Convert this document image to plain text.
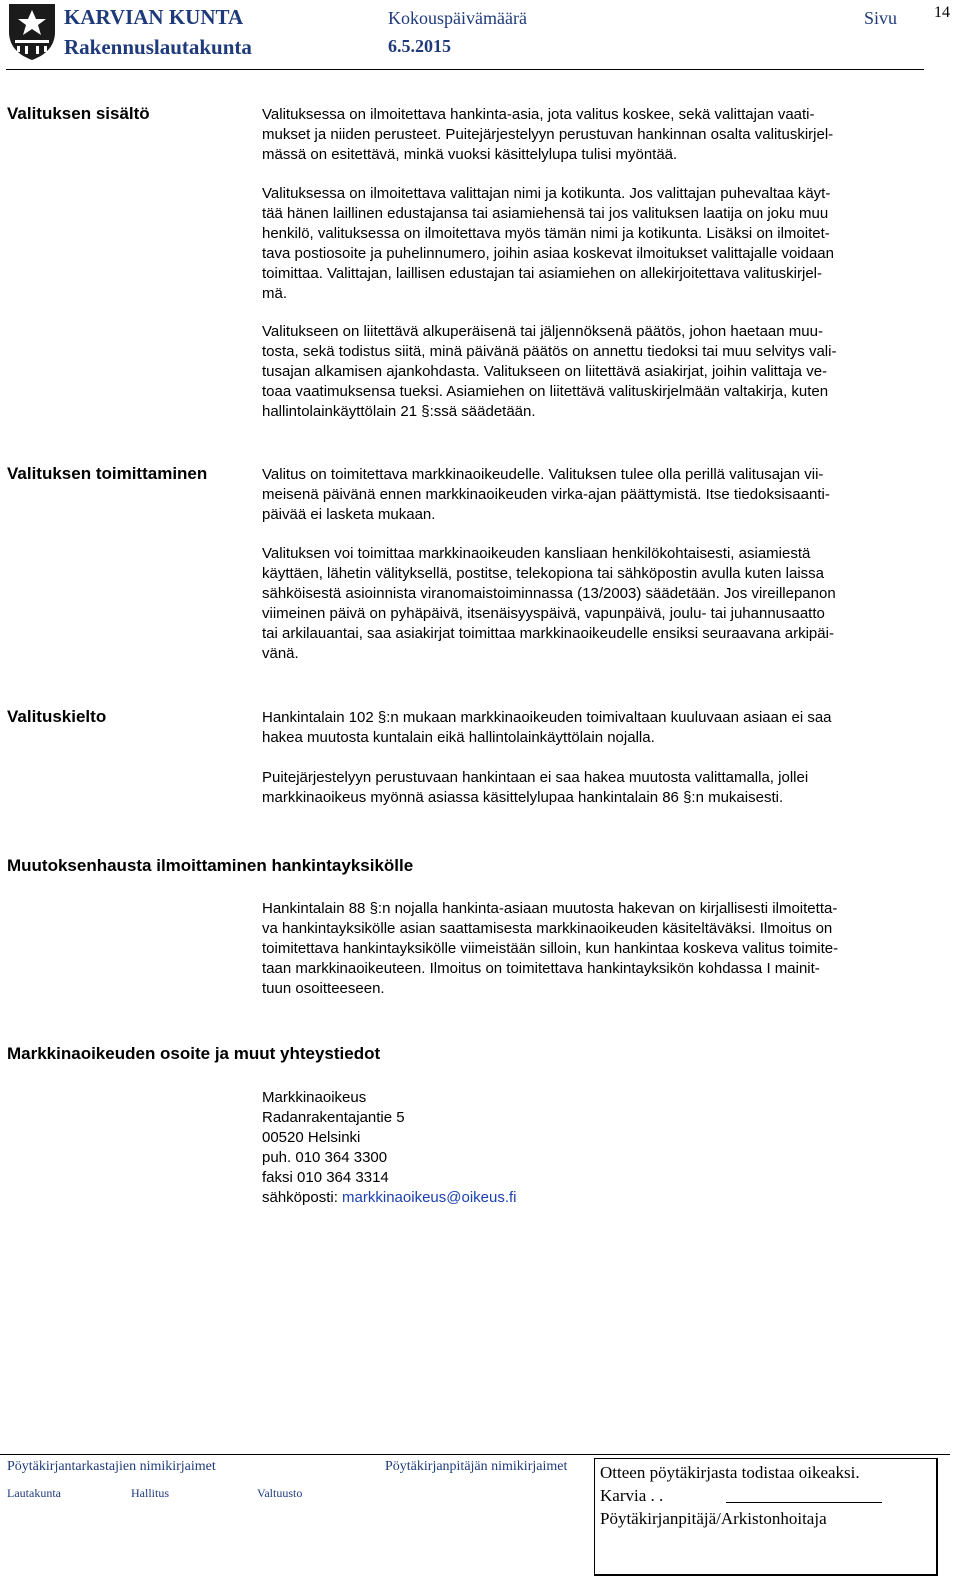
KARVIAN KUNTA
Rakennuslautakunta
Kokouspäivämäärä
6.5.2015
Sivu 14
Valituksen sisältö	Valituksessa on ilmoitettava hankinta-asia, jota valitus koskee, sekä valittajan vaati-
mukset ja niiden perusteet. Puitejärjestelyyn perustuvan hankinnan osalta valituskirjel-
mässä on esitettävä, minkä vuoksi käsittelylupa tulisi myöntää.

Valituksessa on ilmoitettava valittajan nimi ja kotikunta. Jos valittajan puhevaltaa käyt-
tää hänen laillinen edustajansa tai asiamiehensä tai jos valituksen laatija on joku muu
henkilö, valituksessa on ilmoitettava myös tämän nimi ja kotikunta. Lisäksi on ilmoitet-
tava postiosoite ja puhelinnumero, joihin asiaa koskevat ilmoitukset valittajalle voidaan
toimittaa. Valittajan, laillisen edustajan tai asiamiehen on allekirjoitettava valituskirjel-
mä.

Valitukseen on liitettävä alkuperäisenä tai jäljennöksenä päätös, johon haetaan muu-
tosta, sekä todistus siitä, minä päivänä päätös on annettu tiedoksi tai muu selvitys vali-
tusajan alkamisen ajankohdasta. Valitukseen on liitettävä asiakirjat, joihin valittaja ve-
toaa vaatimuksensa tueksi. Asiamiehen on liitettävä valituskirjelmään valtakirja, kuten
hallintolainkäyttölain 21 §:ssä säädetään.

Valituksen toimittaminen	Valitus on toimitettava markkinaoikeudelle. Valituksen tulee olla perillä valitusajan vii-
meisenä päivänä ennen markkinaoikeuden virka-ajan päättymistä. Itse tiedoksisaanti-
päivää ei lasketa mukaan.

Valituksen voi toimittaa markkinaoikeuden kansliaan henkilökohtaisesti, asiamiestä
käyttäen, lähetin välityksellä, postitse, telekopiona tai sähköpostin avulla kuten laissa
sähköisestä asioinnista viranomaistoiminnassa (13/2003) säädetään. Jos vireillepanon
viimeinen päivä on pyhäpäivä, itsenäisyyspäivä, vapunpäivä, joulu- tai juhannusaatto
tai arkilauantai, saa asiakirjat toimittaa markkinaoikeudelle ensiksi seuraavana arkipäi-
vänä.

Valituskielto	Hankintalain 102 §:n mukaan markkinaoikeuden toimivaltaan kuuluvaan asiaan ei saa
hakea muutosta kuntalain eikä hallintolainkäyttölain nojalla.

Puitejärjestelyyn perustuvaan hankintaan ei saa hakea muutosta valittamalla, jollei
markkinaoikeus myönnä asiassa käsittelylupaa hankintalain 86 §:n mukaisesti.

Muutoksenhausta ilmoittaminen hankintayksikölle

Hankintalain 88 §:n nojalla hankinta-asiaan muutosta hakevan on kirjallisesti ilmoitetta-
va hankintayksikölle asian saattamisesta markkinaoikeuden käsiteltäväksi. Ilmoitus on
toimitettava hankintayksikölle viimeistään silloin, kun hankintaa koskeva valitus toimite-
taan markkinaoikeuteen. Ilmoitus on toimitettava hankintayksikön kohdassa I mainit-
tuun osoitteeseen.

Markkinaoikeuden osoite ja muut yhteystiedot
Markkinaoikeus
Radanrakentajantie 5
00520 Helsinki
puh. 010 364 3300
faksi 010 364 3314
sähköposti: markkinaoikeus@oikeus.fi
Pöytäkirjantarkastajien nimikirjaimet	Pöytäkirjanpitäjän nimikirjaimet
Lautakunta	Hallitus	Valtuusto
Otteen pöytäkirjasta todistaa oikeaksi.
Karvia . .
Pöytäkirjanpitäjä/Arkistonhoitaja
